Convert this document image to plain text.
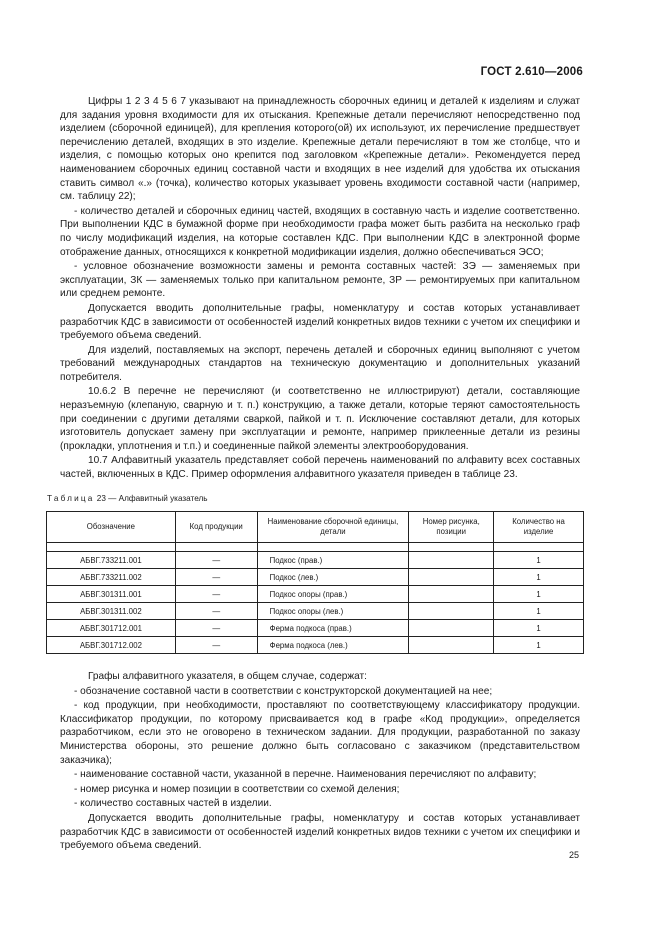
ГОСТ 2.610—2006

Цифры 1 2 3 4 5 6 7 указывают на принадлежность сборочных единиц и деталей к изделиям и служат для задания уровня входимости для их отыскания. Крепежные детали перечисляют непосредственно под изделием (сборочной единицей), для крепления которого(ой) их используют, их перечисление предшествует перечислению деталей, входящих в это изделие. Крепежные детали перечисляют в том же столбце, что и изделия, с помощью которых оно крепится под заголовком «Крепежные детали». Рекомендуется перед наименованием сборочных единиц составной части и входящих в нее изделий для удобства их отыскания ставить символ «.» (точка), количество которых указывает уровень входимости составной части (например, см. таблицу 22);

- количество деталей и сборочных единиц частей, входящих в составную часть и изделие соответственно. При выполнении КДС в бумажной форме при необходимости графа может быть разбита на несколько граф по числу модификаций изделия, на которые составлен КДС. При выполнении КДС в электронной форме отображение данных, относящихся к конкретной модификации изделия, должно обеспечиваться ЭСО;

- условное обозначение возможности замены и ремонта составных частей: ЗЭ — заменяемых при эксплуатации, ЗК — заменяемых только при капитальном ремонте, ЗР — ремонтируемых при капитальном или среднем ремонте.

Допускается вводить дополнительные графы, номенклатуру и состав которых устанавливает разработчик КДС в зависимости от особенностей изделий конкретных видов техники с учетом их специфики и требуемого объема сведений.

Для изделий, поставляемых на экспорт, перечень деталей и сборочных единиц выполняют с учетом требований международных стандартов на техническую документацию и дополнительных указаний потребителя.

10.6.2 В перечне не перечисляют (и соответственно не иллюстрируют) детали, составляющие неразъемную (клепаную, сварную и т. п.) конструкцию, а также детали, которые теряют самостоятельность при соединении с другими деталями сваркой, пайкой и т. п. Исключение составляют детали, для которых изготовитель допускает замену при эксплуатации и ремонте, например приклеенные детали из резины (прокладки, уплотнения и т.п.) и соединенные пайкой элементы электрооборудования.

10.7 Алфавитный указатель представляет собой перечень наименований по алфавиту всех составных частей, включенных в КДС. Пример оформления алфавитного указателя приведен в таблице 23.

Таблица 23 — Алфавитный указатель
Обозначение	Код продукции	Наименование сборочной единицы, детали	Номер рисунка, позиции	Количество на изделие

АБВГ.733211.001	—	Подкос (прав.)		1
АБВГ.733211.002	—	Подкос (лев.)		1
АБВГ.301311.001	—	Подкос опоры (прав.)		1
АБВГ.301311.002	—	Подкос опоры (лев.)		1
АБВГ.301712.001	—	Ферма подкоса (прав.)		1
АБВГ.301712.002	—	Ферма подкоса (лев.)		1

Графы алфавитного указателя, в общем случае, содержат:

- обозначение составной части в соответствии с конструкторской документацией на нее;

- код продукции, при необходимости, проставляют по соответствующему классификатору продукции. Классификатор продукции, по которому присваивается код в графе «Код продукции», определяется разработчиком, если это не оговорено в техническом задании. Для продукции, разработанной по заказу Министерства обороны, это решение должно быть согласовано с заказчиком (представительством заказчика);

- наименование составной части, указанной в перечне. Наименования перечисляют по алфавиту;

- номер рисунка и номер позиции в соответствии со схемой деления;

- количество составных частей в изделии.

Допускается вводить дополнительные графы, номенклатуру и состав которых устанавливает разработчик КДС в зависимости от особенностей изделий конкретных видов техники с учетом их специфики и требуемого объема сведений.

25
